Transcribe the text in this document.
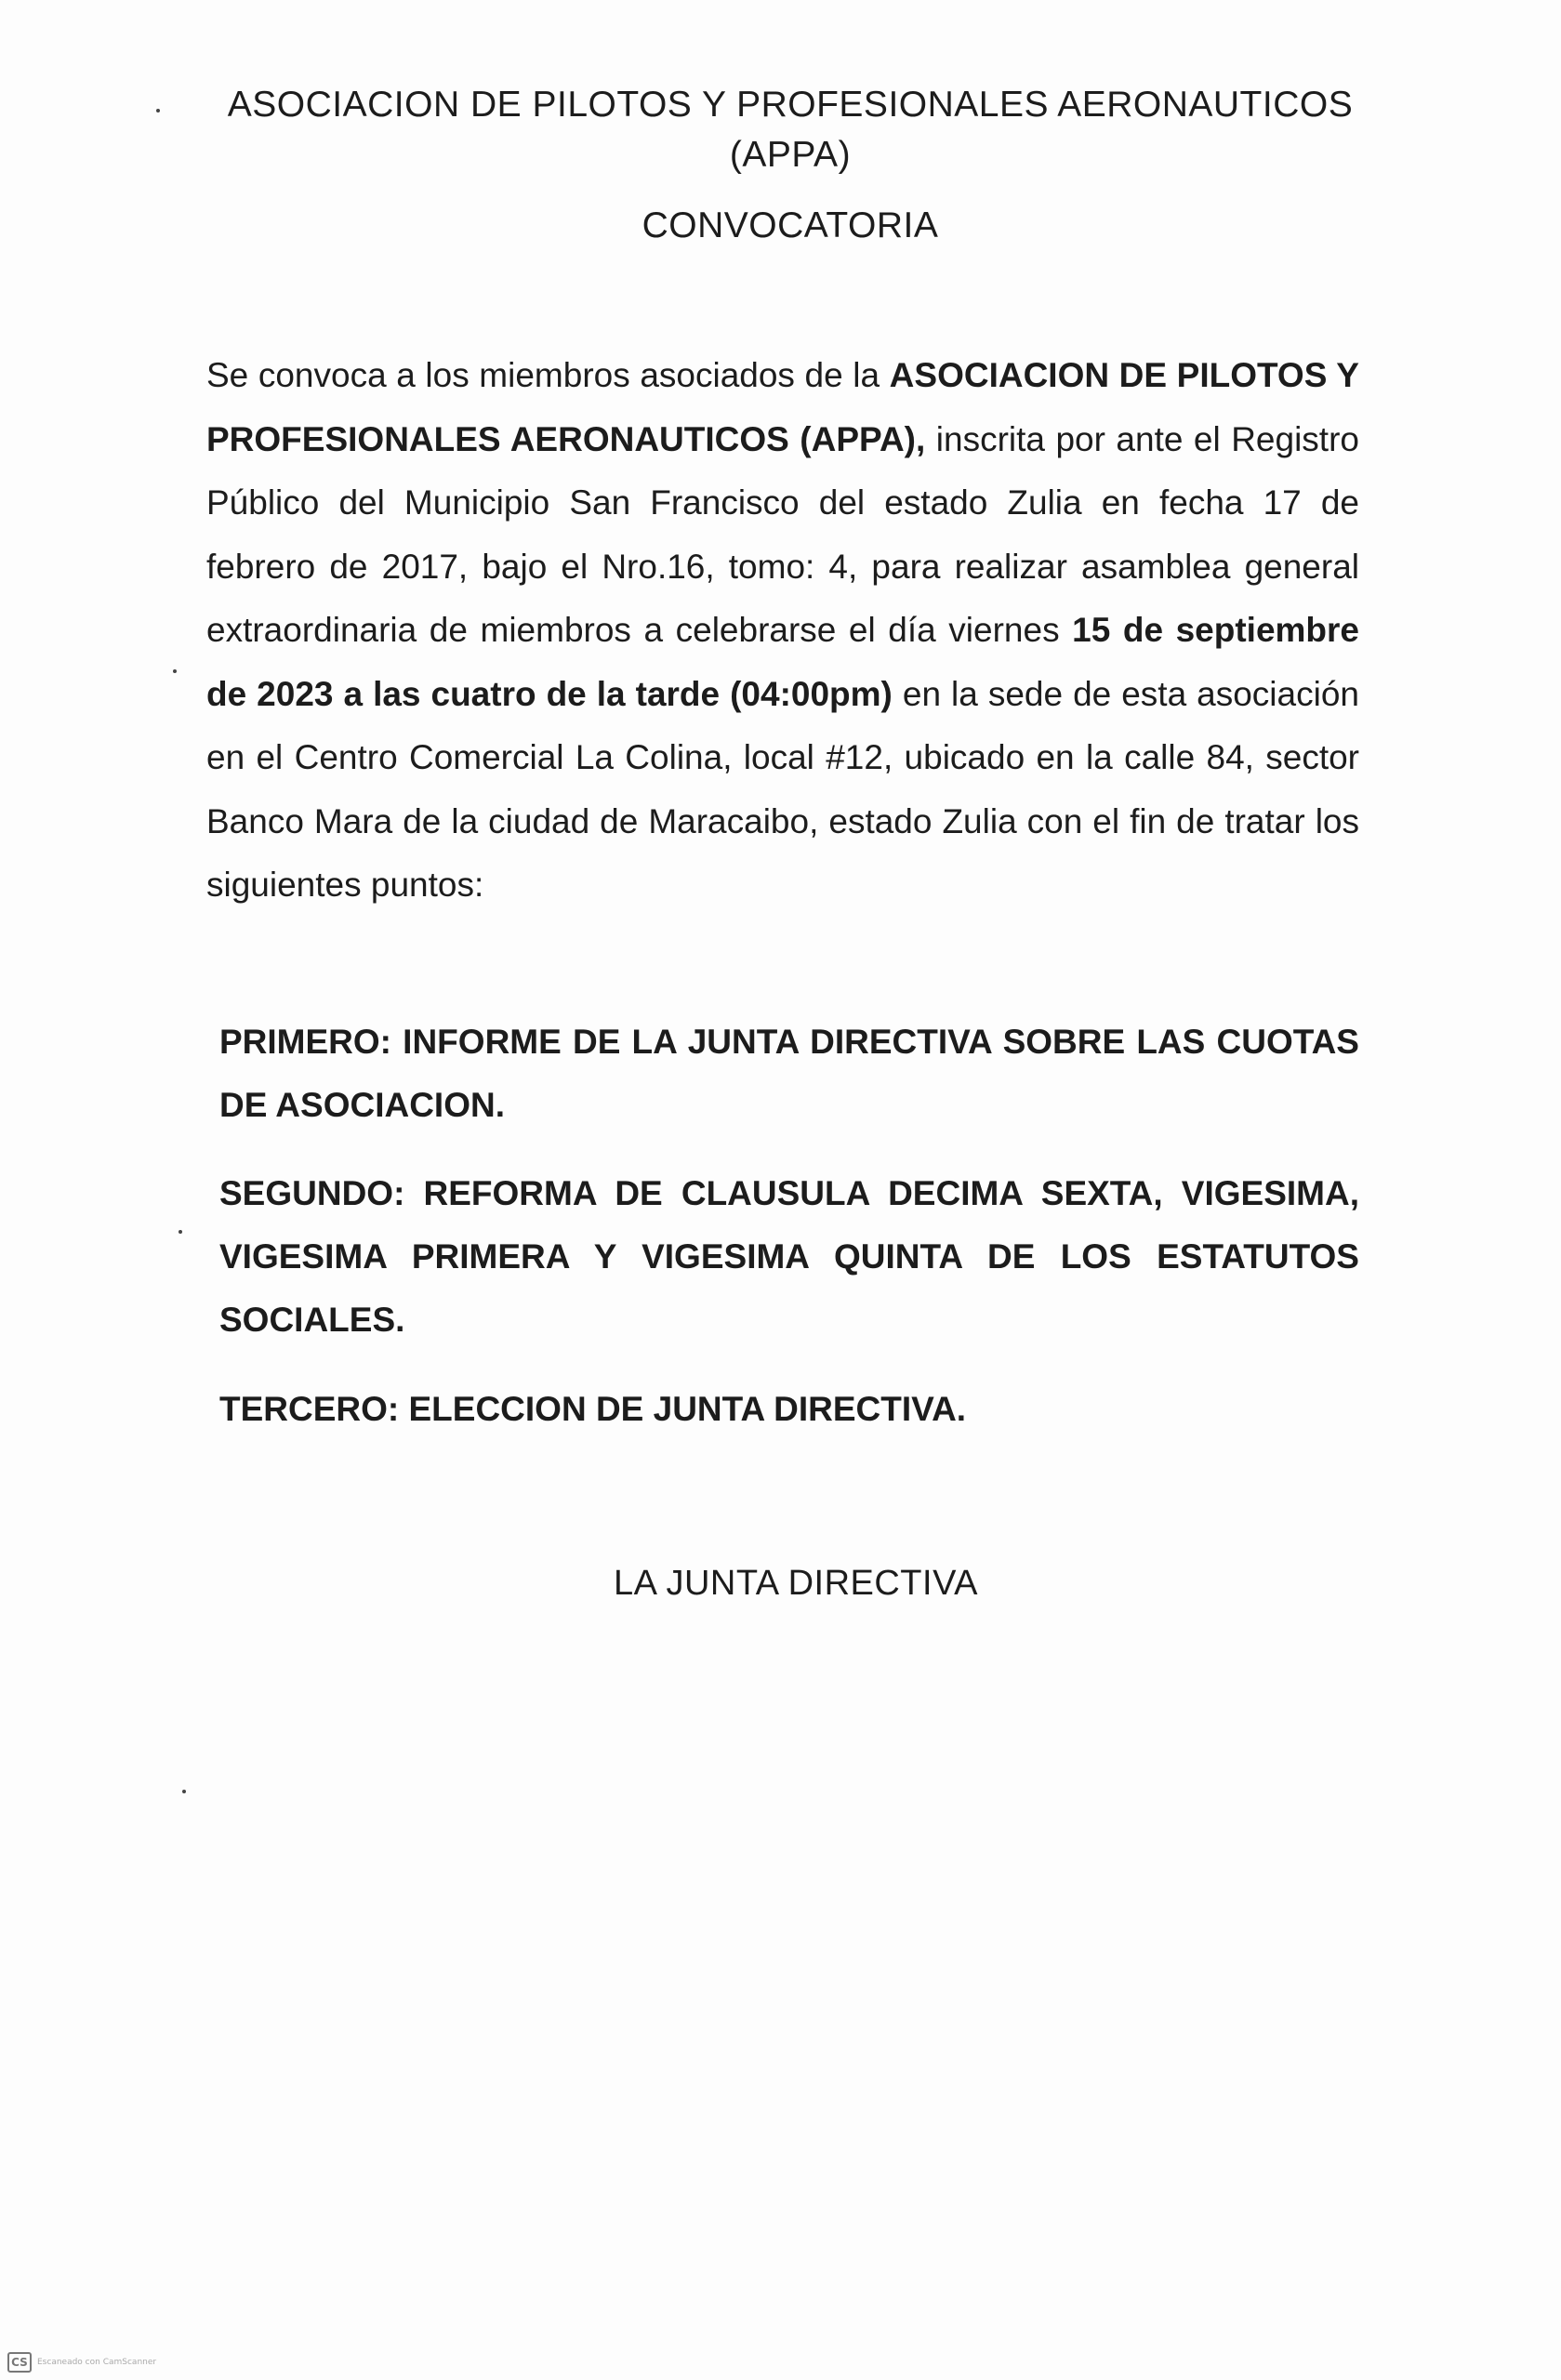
ASOCIACION DE PILOTOS Y PROFESIONALES AERONAUTICOS
(APPA)
CONVOCATORIA

Se convoca a los miembros asociados de la ASOCIACION DE PILOTOS Y PROFESIONALES AERONAUTICOS (APPA), inscrita por ante el Registro Público del Municipio San Francisco del estado Zulia en fecha 17 de febrero de 2017, bajo el Nro.16, tomo: 4, para realizar asamblea general extraordinaria de miembros a celebrarse el día viernes 15 de septiembre de 2023 a las cuatro de la tarde (04:00pm) en la sede de esta asociación en el Centro Comercial La Colina, local #12, ubicado en la calle 84, sector Banco Mara de la ciudad de Maracaibo, estado Zulia con el fin de tratar los siguientes puntos:

PRIMERO: INFORME DE LA JUNTA DIRECTIVA SOBRE LAS CUOTAS DE ASOCIACION.

SEGUNDO: REFORMA DE CLAUSULA DECIMA SEXTA, VIGESIMA, VIGESIMA PRIMERA Y VIGESIMA QUINTA DE LOS ESTATUTOS SOCIALES.

TERCERO: ELECCION DE JUNTA DIRECTIVA.

LA JUNTA DIRECTIVA
CS	Escaneado con CamScanner
